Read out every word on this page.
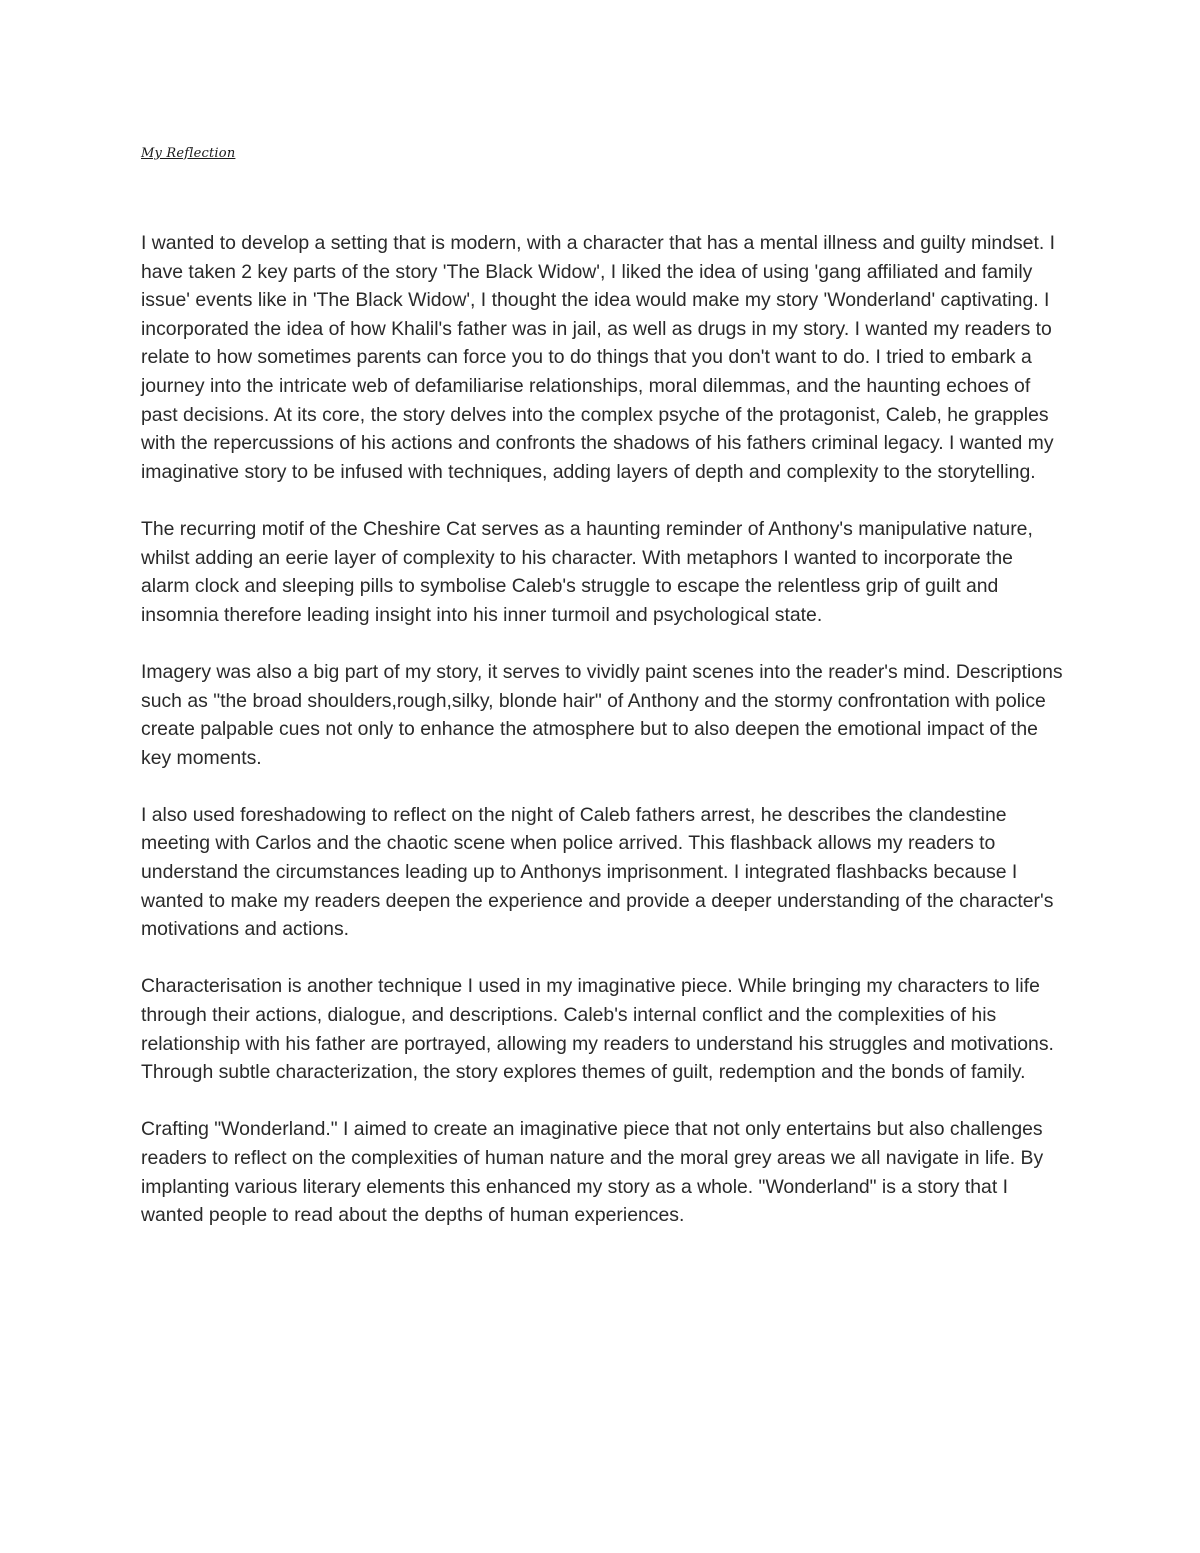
My Reflection

I wanted to develop a setting that is modern, with a character that has a mental illness and guilty mindset. I have taken 2 key parts of the story 'The Black Widow', I liked the idea of using 'gang affiliated and family issue' events like in 'The Black Widow', I thought the idea would make my story 'Wonderland' captivating. I incorporated the idea of how Khalil's father was in jail, as well as drugs in my story. I wanted my readers to relate to how sometimes parents can force you to do things that you don't want to do. I tried to embark a journey into the intricate web of defamiliarise relationships, moral dilemmas, and the haunting echoes of past decisions. At its core, the story delves into the complex psyche of the protagonist, Caleb, he grapples with the repercussions of his actions and confronts the shadows of his fathers criminal legacy. I wanted my imaginative story to be infused with techniques, adding layers of depth and complexity to the storytelling.

The recurring motif of the Cheshire Cat serves as a haunting reminder of Anthony's manipulative nature, whilst adding an eerie layer of complexity to his character. With metaphors I wanted to incorporate the alarm clock and sleeping pills to symbolise Caleb's struggle to escape the relentless grip of guilt and insomnia therefore leading insight into his inner turmoil and psychological state.

Imagery was also a big part of my story, it serves to vividly paint scenes into the reader's mind. Descriptions such as "the broad shoulders,rough,silky, blonde hair" of Anthony and the stormy confrontation with police create palpable cues not only to enhance the atmosphere but to also deepen the emotional impact of the key moments.

I also used foreshadowing to reflect on the night of Caleb fathers arrest, he describes the clandestine meeting with Carlos and the chaotic scene when police arrived. This flashback allows my readers to understand the circumstances leading up to Anthonys imprisonment. I integrated flashbacks because I wanted to make my readers deepen the experience and provide a deeper understanding of the character's motivations and actions.

Characterisation is another technique I used in my imaginative piece. While bringing my characters to life through their actions, dialogue, and descriptions. Caleb's internal conflict and the complexities of his relationship with his father are portrayed, allowing my readers to understand his struggles and motivations. Through subtle characterization, the story explores themes of guilt, redemption and the bonds of family.

Crafting "Wonderland." I aimed to create an imaginative piece that not only entertains but also challenges readers to reflect on the complexities of human nature and the moral grey areas we all navigate in life. By implanting various literary elements this enhanced my story as a whole. "Wonderland" is a story that I wanted people to read about the depths of human experiences.
